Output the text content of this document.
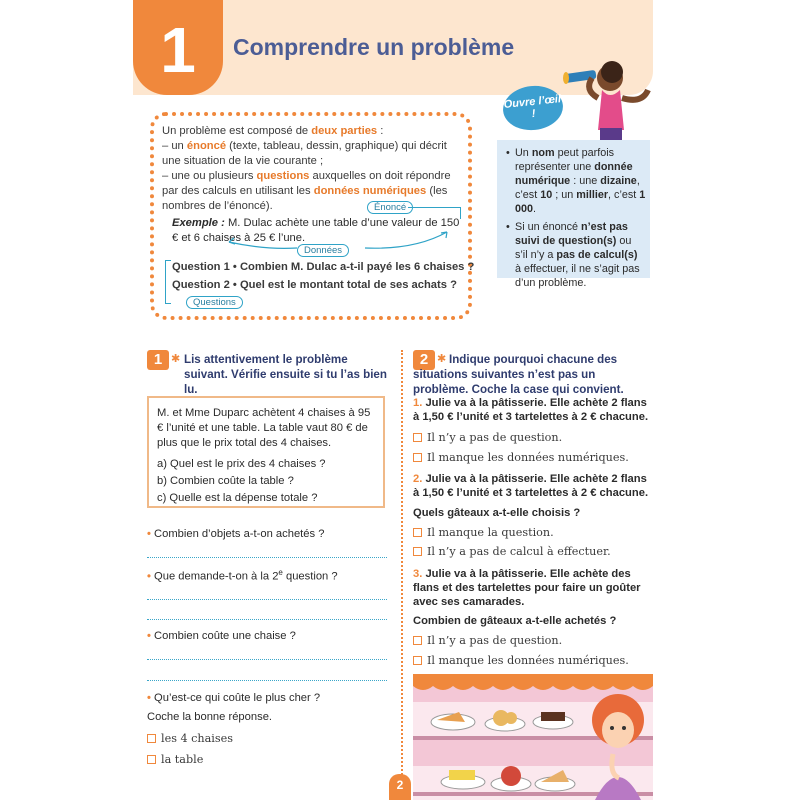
1	Comprendre un problème

Un problème est composé de deux parties :

– un énoncé (texte, tableau, dessin, graphique) qui décrit une situation de la vie courante ;

– une ou plusieurs questions auxquelles on doit répondre par des calculs en utilisant les données numériques (les nombres de l’énoncé).	Énoncé
Exemple : M. Dulac achète une table d’une valeur de 150 € et 6 chaises à 25 € l’une.
Données
Question 1 • Combien M. Dulac a-t-il payé les 6 chaises ?
Question 2 • Quel est le montant total de ses achats ?
Questions
Ouvre l’œil !
• Un nom peut parfois représenter une donnée numérique : une dizaine, c’est 10 ; un millier, c’est 1 000.
• Si un énoncé n’est pas suivi de question(s) ou s’il n’y a pas de calcul(s) à effectuer, il ne s’agit pas d’un problème.
1 ✱ Lis attentivement le problème suivant. Vérifie ensuite si tu l’as bien lu.
M. et Mme Duparc achètent 4 chaises à 95 € l’unité et une table. La table vaut 80 € de plus que le prix total des 4 chaises.
a) Quel est le prix des 4 chaises ?
b) Combien coûte la table ?
c) Quelle est la dépense totale ?
• Combien d’objets a-t-on achetés ?
• Que demande-t-on à la 2e question ?
• Combien coûte une chaise ?
• Qu’est-ce qui coûte le plus cher ?
Coche la bonne réponse.
les 4 chaises
la table
2 ✱ Indique pourquoi chacune des situations suivantes n’est pas un problème. Coche la case qui convient.
1. Julie va à la pâtisserie. Elle achète 2 flans à 1,50 € l’unité et 3 tartelettes à 2 € chacune.
Il n’y a pas de question.
Il manque les données numériques.
2. Julie va à la pâtisserie. Elle achète 2 flans à 1,50 € l’unité et 3 tartelettes à 2 € chacune.
Quels gâteaux a-t-elle choisis ?
Il manque la question.
Il n’y a pas de calcul à effectuer.
3. Julie va à la pâtisserie. Elle achète des flans et des tartelettes pour faire un goûter avec ses camarades.
Combien de gâteaux a-t-elle achetés ?
Il n’y a pas de question.
Il manque les données numériques.
2
